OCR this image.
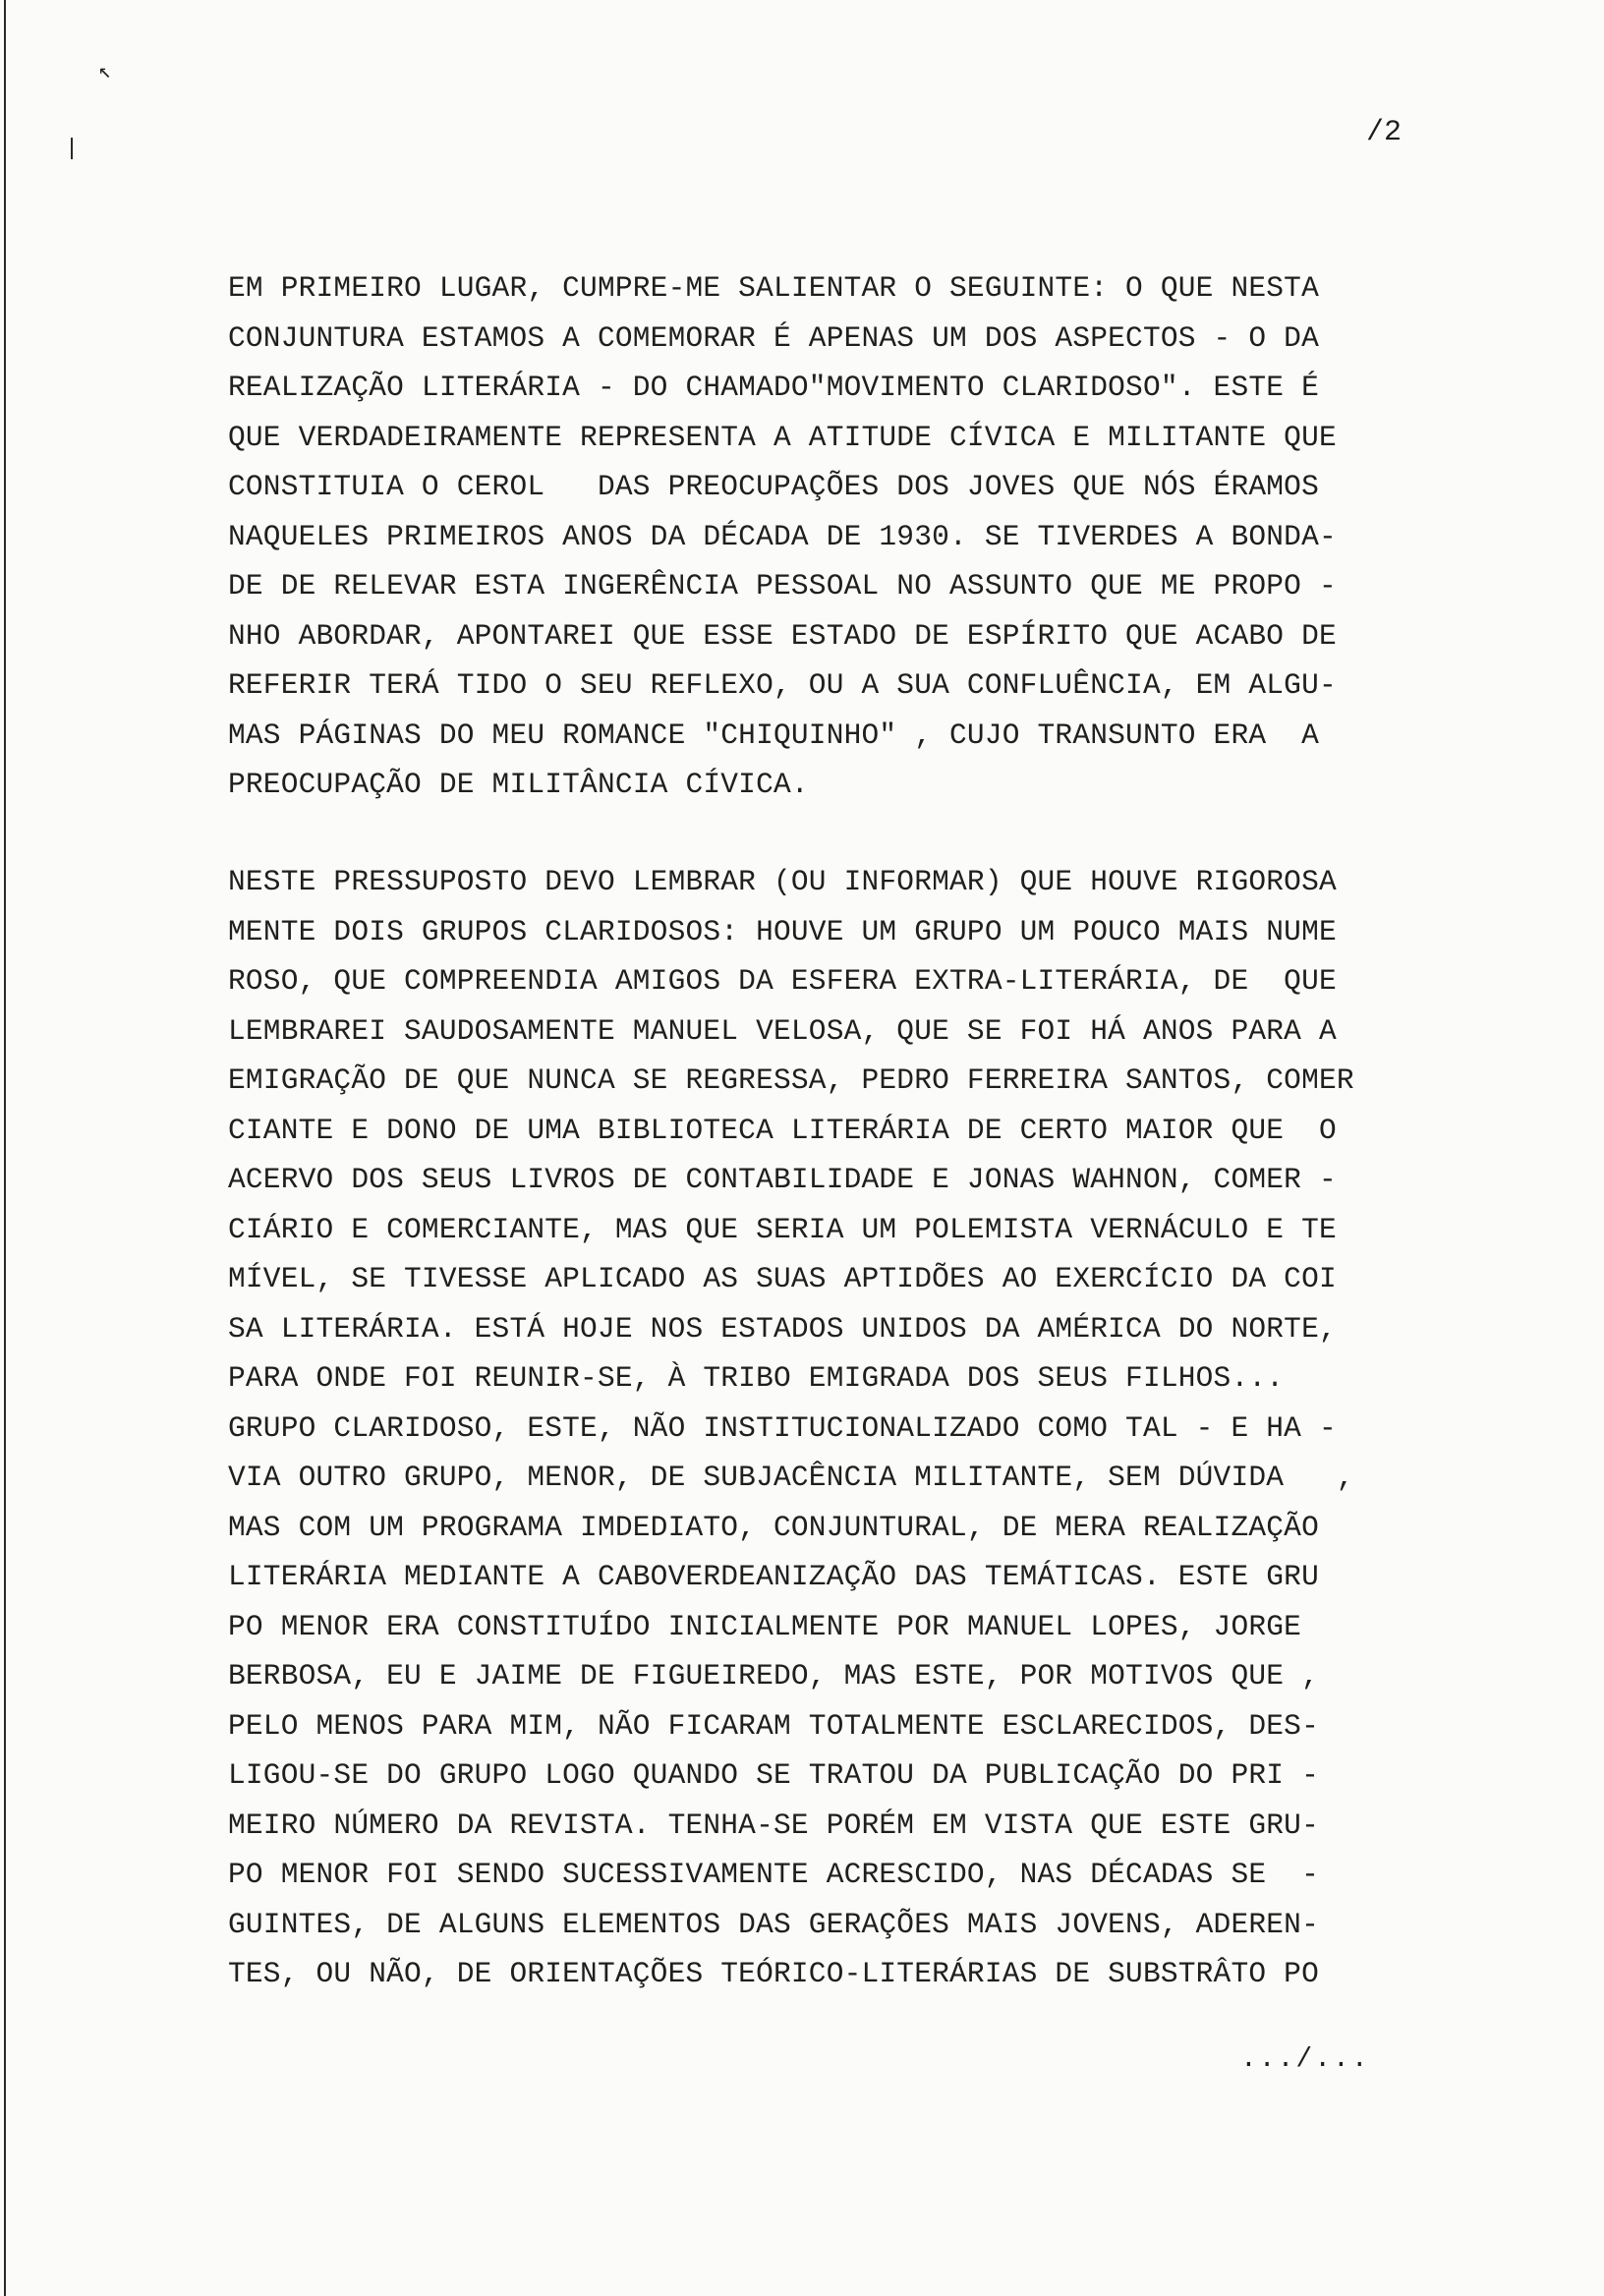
↖
/2
EM PRIMEIRO LUGAR, CUMPRE-ME SALIENTAR O SEGUINTE: O QUE NESTA
CONJUNTURA ESTAMOS A COMEMORAR É APENAS UM DOS ASPECTOS - O DA
REALIZAÇÃO LITERÁRIA - DO CHAMADO"MOVIMENTO CLARIDOSO". ESTE É
QUE VERDADEIRAMENTE REPRESENTA A ATITUDE CÍVICA E MILITANTE QUE
CONSTITUIA O CEROL   DAS PREOCUPAÇÕES DOS JOVES QUE NÓS ÉRAMOS
NAQUELES PRIMEIROS ANOS DA DÉCADA DE 1930. SE TIVERDES A BONDA-
DE DE RELEVAR ESTA INGERÊNCIA PESSOAL NO ASSUNTO QUE ME PROPO -
NHO ABORDAR, APONTAREI QUE ESSE ESTADO DE ESPÍRITO QUE ACABO DE
REFERIR TERÁ TIDO O SEU REFLEXO, OU A SUA CONFLUÊNCIA, EM ALGU-
MAS PÁGINAS DO MEU ROMANCE "CHIQUINHO" , CUJO TRANSUNTO ERA  A
PREOCUPAÇÃO DE MILITÂNCIA CÍVICA.
NESTE PRESSUPOSTO DEVO LEMBRAR (OU INFORMAR) QUE HOUVE RIGOROSA
MENTE DOIS GRUPOS CLARIDOSOS: HOUVE UM GRUPO UM POUCO MAIS NUME
ROSO, QUE COMPREENDIA AMIGOS DA ESFERA EXTRA-LITERÁRIA, DE  QUE
LEMBRAREI SAUDOSAMENTE MANUEL VELOSA, QUE SE FOI HÁ ANOS PARA A
EMIGRAÇÃO DE QUE NUNCA SE REGRESSA, PEDRO FERREIRA SANTOS, COMER
CIANTE E DONO DE UMA BIBLIOTECA LITERÁRIA DE CERTO MAIOR QUE  O
ACERVO DOS SEUS LIVROS DE CONTABILIDADE E JONAS WAHNON, COMER -
CIÁRIO E COMERCIANTE, MAS QUE SERIA UM POLEMISTA VERNÁCULO E TE
MÍVEL, SE TIVESSE APLICADO AS SUAS APTIDÕES AO EXERCÍCIO DA COI
SA LITERÁRIA. ESTÁ HOJE NOS ESTADOS UNIDOS DA AMÉRICA DO NORTE,
PARA ONDE FOI REUNIR-SE, À TRIBO EMIGRADA DOS SEUS FILHOS...
GRUPO CLARIDOSO, ESTE, NÃO INSTITUCIONALIZADO COMO TAL - E HA -
VIA OUTRO GRUPO, MENOR, DE SUBJACÊNCIA MILITANTE, SEM DÚVIDA   ,
MAS COM UM PROGRAMA IMDEDIATO, CONJUNTURAL, DE MERA REALIZAÇÃO
LITERÁRIA MEDIANTE A CABOVERDEANIZAÇÃO DAS TEMÁTICAS. ESTE GRU
PO MENOR ERA CONSTITUÍDO INICIALMENTE POR MANUEL LOPES, JORGE
BERBOSA, EU E JAIME DE FIGUEIREDO, MAS ESTE, POR MOTIVOS QUE ,
PELO MENOS PARA MIM, NÃO FICARAM TOTALMENTE ESCLARECIDOS, DES-
LIGOU-SE DO GRUPO LOGO QUANDO SE TRATOU DA PUBLICAÇÃO DO PRI -
MEIRO NÚMERO DA REVISTA. TENHA-SE PORÉM EM VISTA QUE ESTE GRU-
PO MENOR FOI SENDO SUCESSIVAMENTE ACRESCIDO, NAS DÉCADAS SE  -
GUINTES, DE ALGUNS ELEMENTOS DAS GERAÇÕES MAIS JOVENS, ADEREN-
TES, OU NÃO, DE ORIENTAÇÕES TEÓRICO-LITERÁRIAS DE SUBSTRÂTO PO
.../...
